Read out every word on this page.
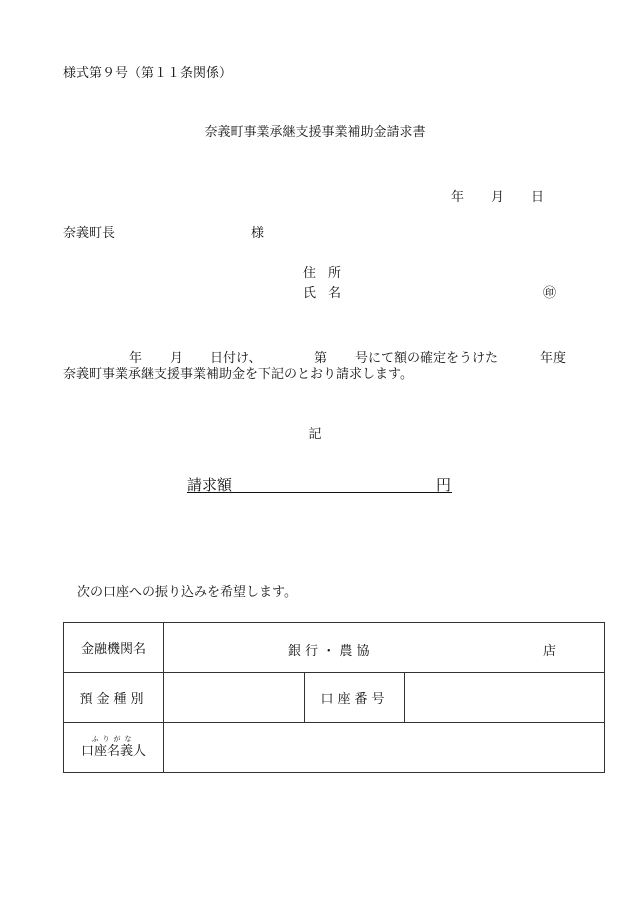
様式第９号（第１１条関係）
奈義町事業承継支援事業補助金請求書
年 月 日
奈義町長	様
住所
氏名	㊞
年 月 日付け、	第 号にて額の確定をうけた	年度
奈義町事業承継支援事業補助金を下記のとおり請求します。
記
請求額	円
次の口座への振り込みを希望します。
金融機関名	銀 行 ・ 農 協 店		

預金種別		口座番号	

ふりがな
口座名義人			
